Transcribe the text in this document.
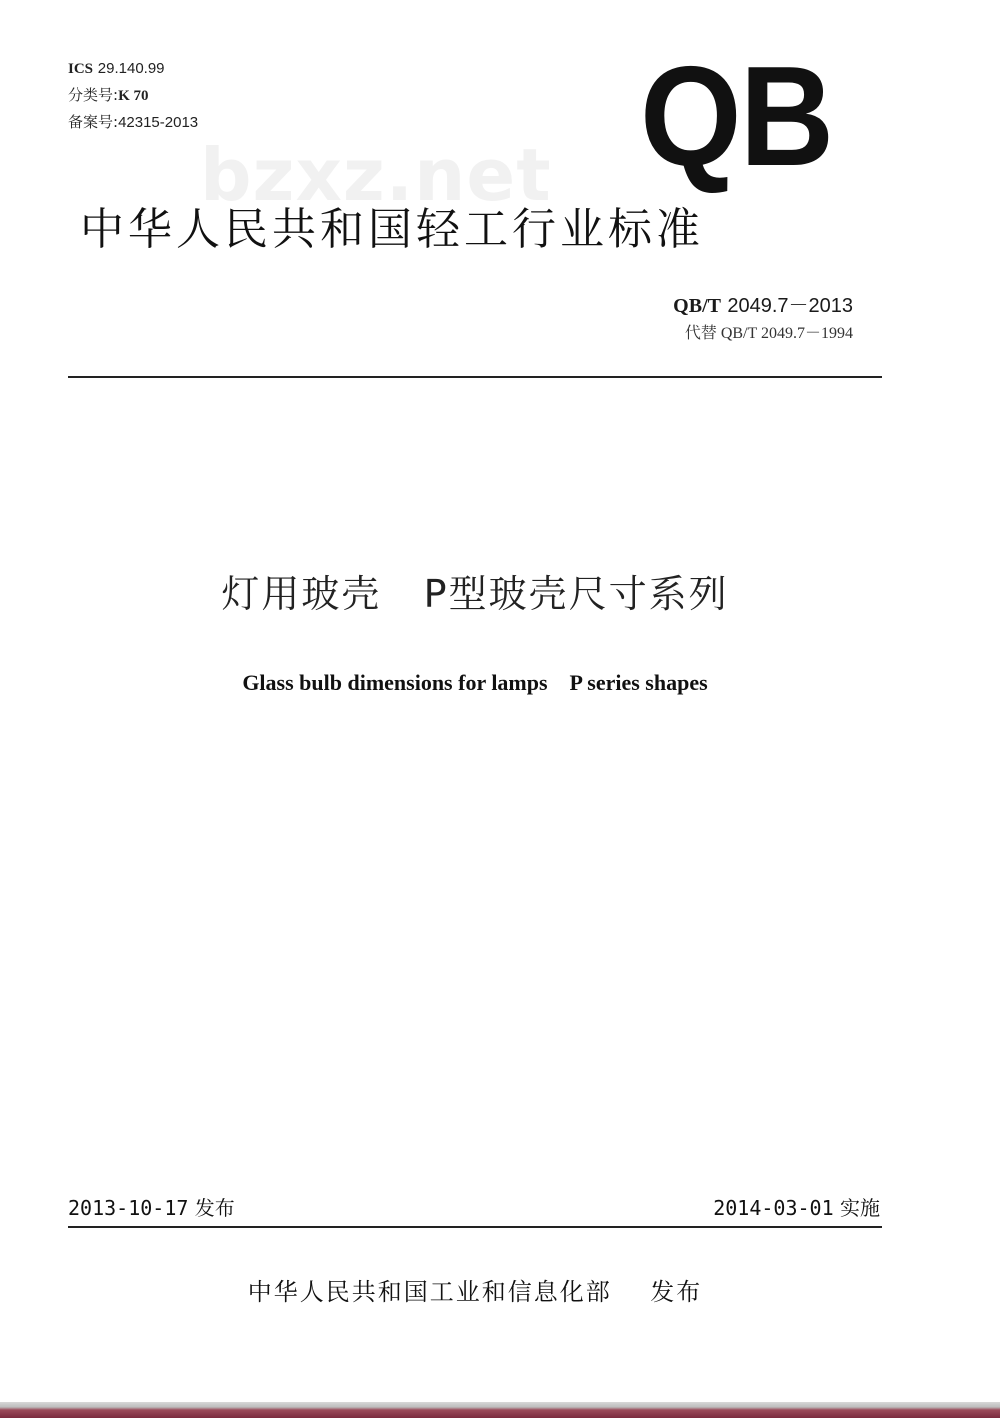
ICS 29.140.99
分类号:K 70
备案号:42315-2013	QB
bzxz.net
中华人民共和国轻工行业标准
QB/T 2049.7－2013
代替 QB/T 2049.7－1994
灯用玻壳   P型玻壳尺寸系列
Glass bulb dimensions for lamps    P series shapes
2013-10-17 发布	2014-03-01 实施
中华人民共和国工业和信息化部    发布
